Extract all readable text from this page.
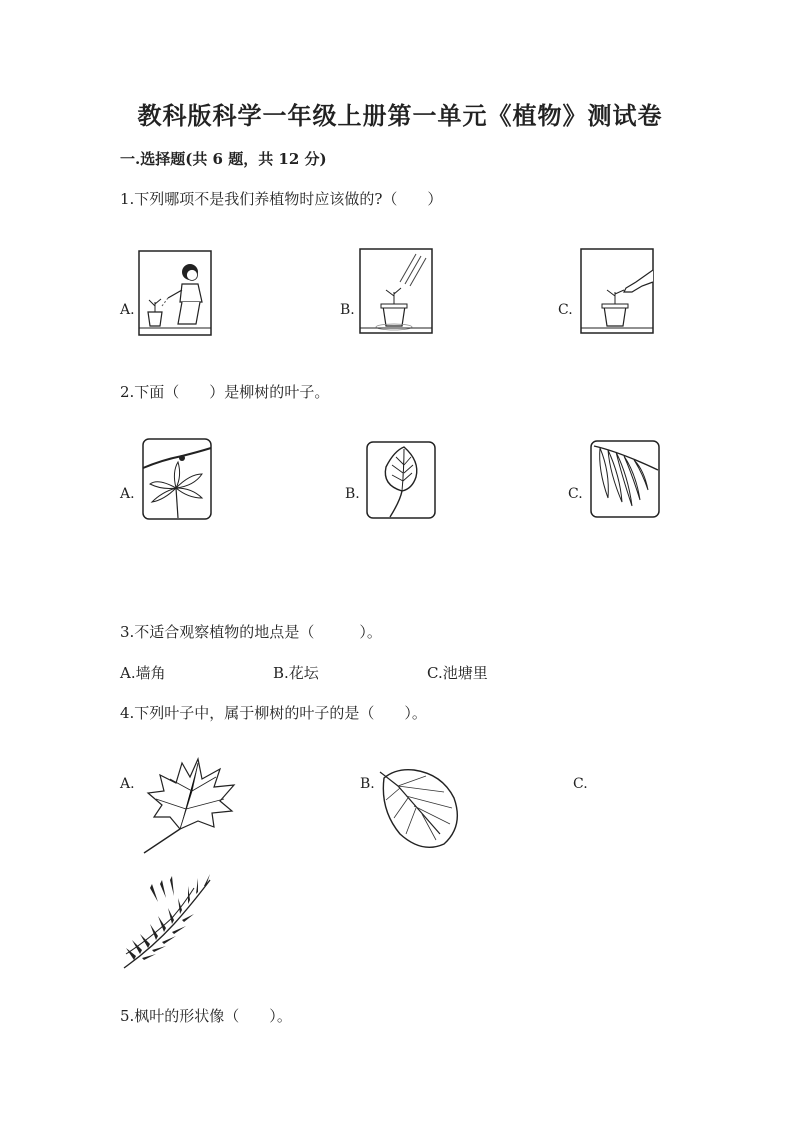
教科版科学一年级上册第一单元《植物》测试卷
一.选择题(共 6 题，共 12 分)
1.下列哪项不是我们养植物时应该做的?（　　）
A.	B.	C.
2.下面（　　）是柳树的叶子。
A.	B.	C.
3.不适合观察植物的地点是（　　　）。
A.墙角	B.花坛	C.池塘里
4.下列叶子中，属于柳树的叶子的是（　　）。
A.	B.	C.
5.枫叶的形状像（　　）。
